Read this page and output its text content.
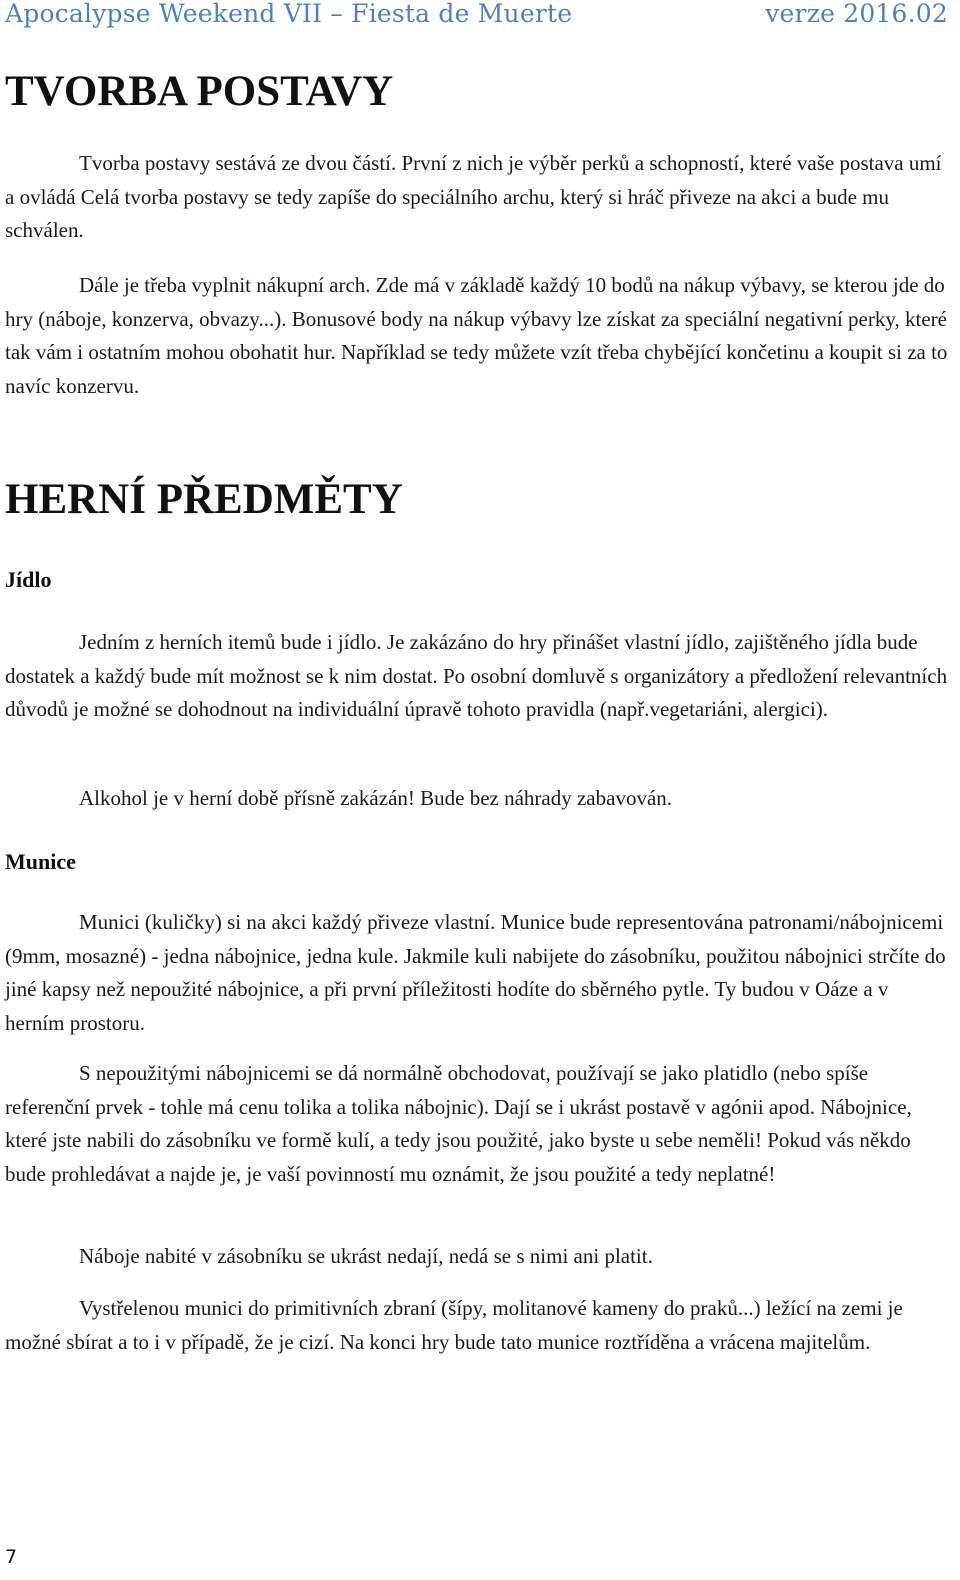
Apocalypse Weekend VII – Fiesta de Muerte	verze 2016.02
TVORBA POSTAVY

Tvorba postavy sestává ze dvou částí. První z nich je výběr perků a schopností, které vaše postava umí a ovládá Celá tvorba postavy se tedy zapíše do speciálního archu, který si hráč přiveze na akci a bude mu schválen.

Dále je třeba vyplnit nákupní arch. Zde má v základě každý 10 bodů na nákup výbavy, se kterou jde do hry (náboje, konzerva, obvazy...). Bonusové body na nákup výbavy lze získat za speciální negativní perky, které tak vám i ostatním mohou obohatit hur. Například se tedy můžete vzít třeba chybějící končetinu a koupit si za to navíc konzervu.

HERNÍ PŘEDMĚTY
Jídlo

Jedním z herních itemů bude i jídlo. Je zakázáno do hry přinášet vlastní jídlo, zajištěného jídla bude dostatek a každý bude mít možnost se k nim dostat. Po osobní domluvě s organizátory a předložení relevantních důvodů je možné se dohodnout na individuální úpravě tohoto pravidla (např.vegetariáni, alergici).

Alkohol je v herní době přísně zakázán! Bude bez náhrady zabavován.

Munice

Munici (kuličky) si na akci každý přiveze vlastní. Munice bude representována patronami/nábojnicemi (9mm, mosazné) - jedna nábojnice, jedna kule. Jakmile kuli nabijete do zásobníku, použitou nábojnici strčíte do jiné kapsy než nepoužité nábojnice, a při první příležitosti hodíte do sběrného pytle. Ty budou v Oáze a v herním prostoru.

S nepoužitými nábojnicemi se dá normálně obchodovat, používají se jako platidlo (nebo spíše referenční prvek - tohle má cenu tolika a tolika nábojnic). Dají se i ukrást postavě v agónii apod. Nábojnice, které jste nabili do zásobníku ve formě kulí, a tedy jsou použité, jako byste u sebe neměli! Pokud vás někdo bude prohledávat a najde je, je vaší povinností mu oznámit, že jsou použité a tedy neplatné!

Náboje nabité v zásobníku se ukrást nedají, nedá se s nimi ani platit.

Vystřelenou munici do primitivních zbraní (šípy, molitanové kameny do praků...) ležící na zemi je možné sbírat a to i v případě, že je cizí. Na konci hry bude tato munice roztříděna a vrácena majitelům.

7
